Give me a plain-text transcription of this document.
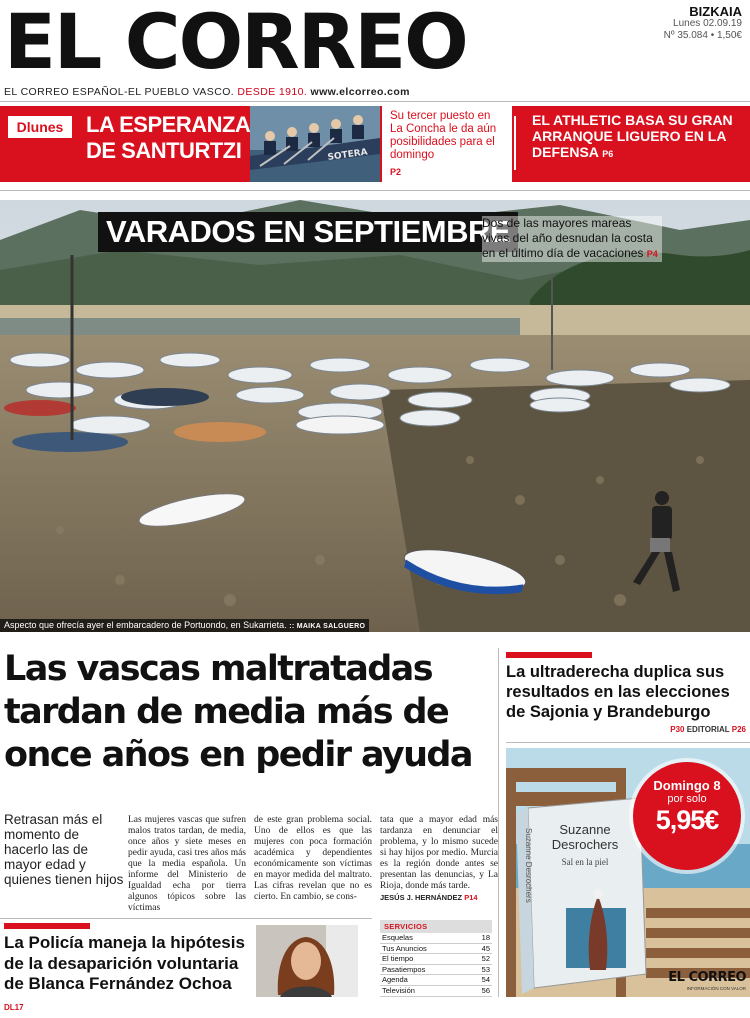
EL CORREO	BIZKAIA
Lunes 02.09.19
Nº 35.084 • 1,50€
EL CORREO ESPAÑOL-EL PUEBLO VASCO. DESDE 1910. www.elcorreo.com
Dlunes	LA ESPERANZA DE SANTURTZI	SOTERA
Su tercer puesto en La Concha le da aún posibilidades para el domingo
P2
EL ATHLETIC BASA SU GRAN ARRANQUE LIGUERO EN LA DEFENSA P6
VARADOS EN SEPTIEMBRE
Dos de las mayores mareas vivas del año desnudan la costa en el último día de vacaciones P4
Aspecto que ofrecía ayer el embarcadero de Portuondo, en Sukarrieta. :: MAIKA SALGUERO
Las vascas maltratadas tardan de media más de once años en pedir ayuda
Retrasan más el momento de hacerlo las de mayor edad y quienes tienen hijos
Las mujeres vascas que sufren malos tratos tardan, de media, once años y siete meses en pedir ayuda, casi tres años más que la media española. Un informe del Ministerio de Igualdad echa por tierra algunos tópicos sobre las víctimas
de este gran problema social. Uno de ellos es que las mujeres con poca formación académica y dependientes económicamente son víctimas en mayor medida del maltrato. Las cifras revelan que no es cierto. En cambio, se cons-
tata que a mayor edad más tardanza en denunciar el problema, y lo mismo sucede si hay hijos por medio. Murcia es la región donde antes se presentan las denuncias, y La Rioja, donde más tarde.
JESÚS J. HERNÁNDEZ P14
La ultraderecha duplica sus resultados en las elecciones de Sajonia y Brandeburgo
P30 EDITORIAL P26
Suzanne Desrochers	Suzanne Desrochers
Sal en la piel
Domingo 8
por solo
5,95€
EL CORREO
INFORMACIÓN CON VALOR
La Policía maneja la hipótesis de la desaparición voluntaria de Blanca Fernández Ochoa DL17
SERVICIOS
Esquelas	18
Tus Anuncios	45
El tiempo	52
Pasatiempos	53
Agenda	54
Televisión	56
